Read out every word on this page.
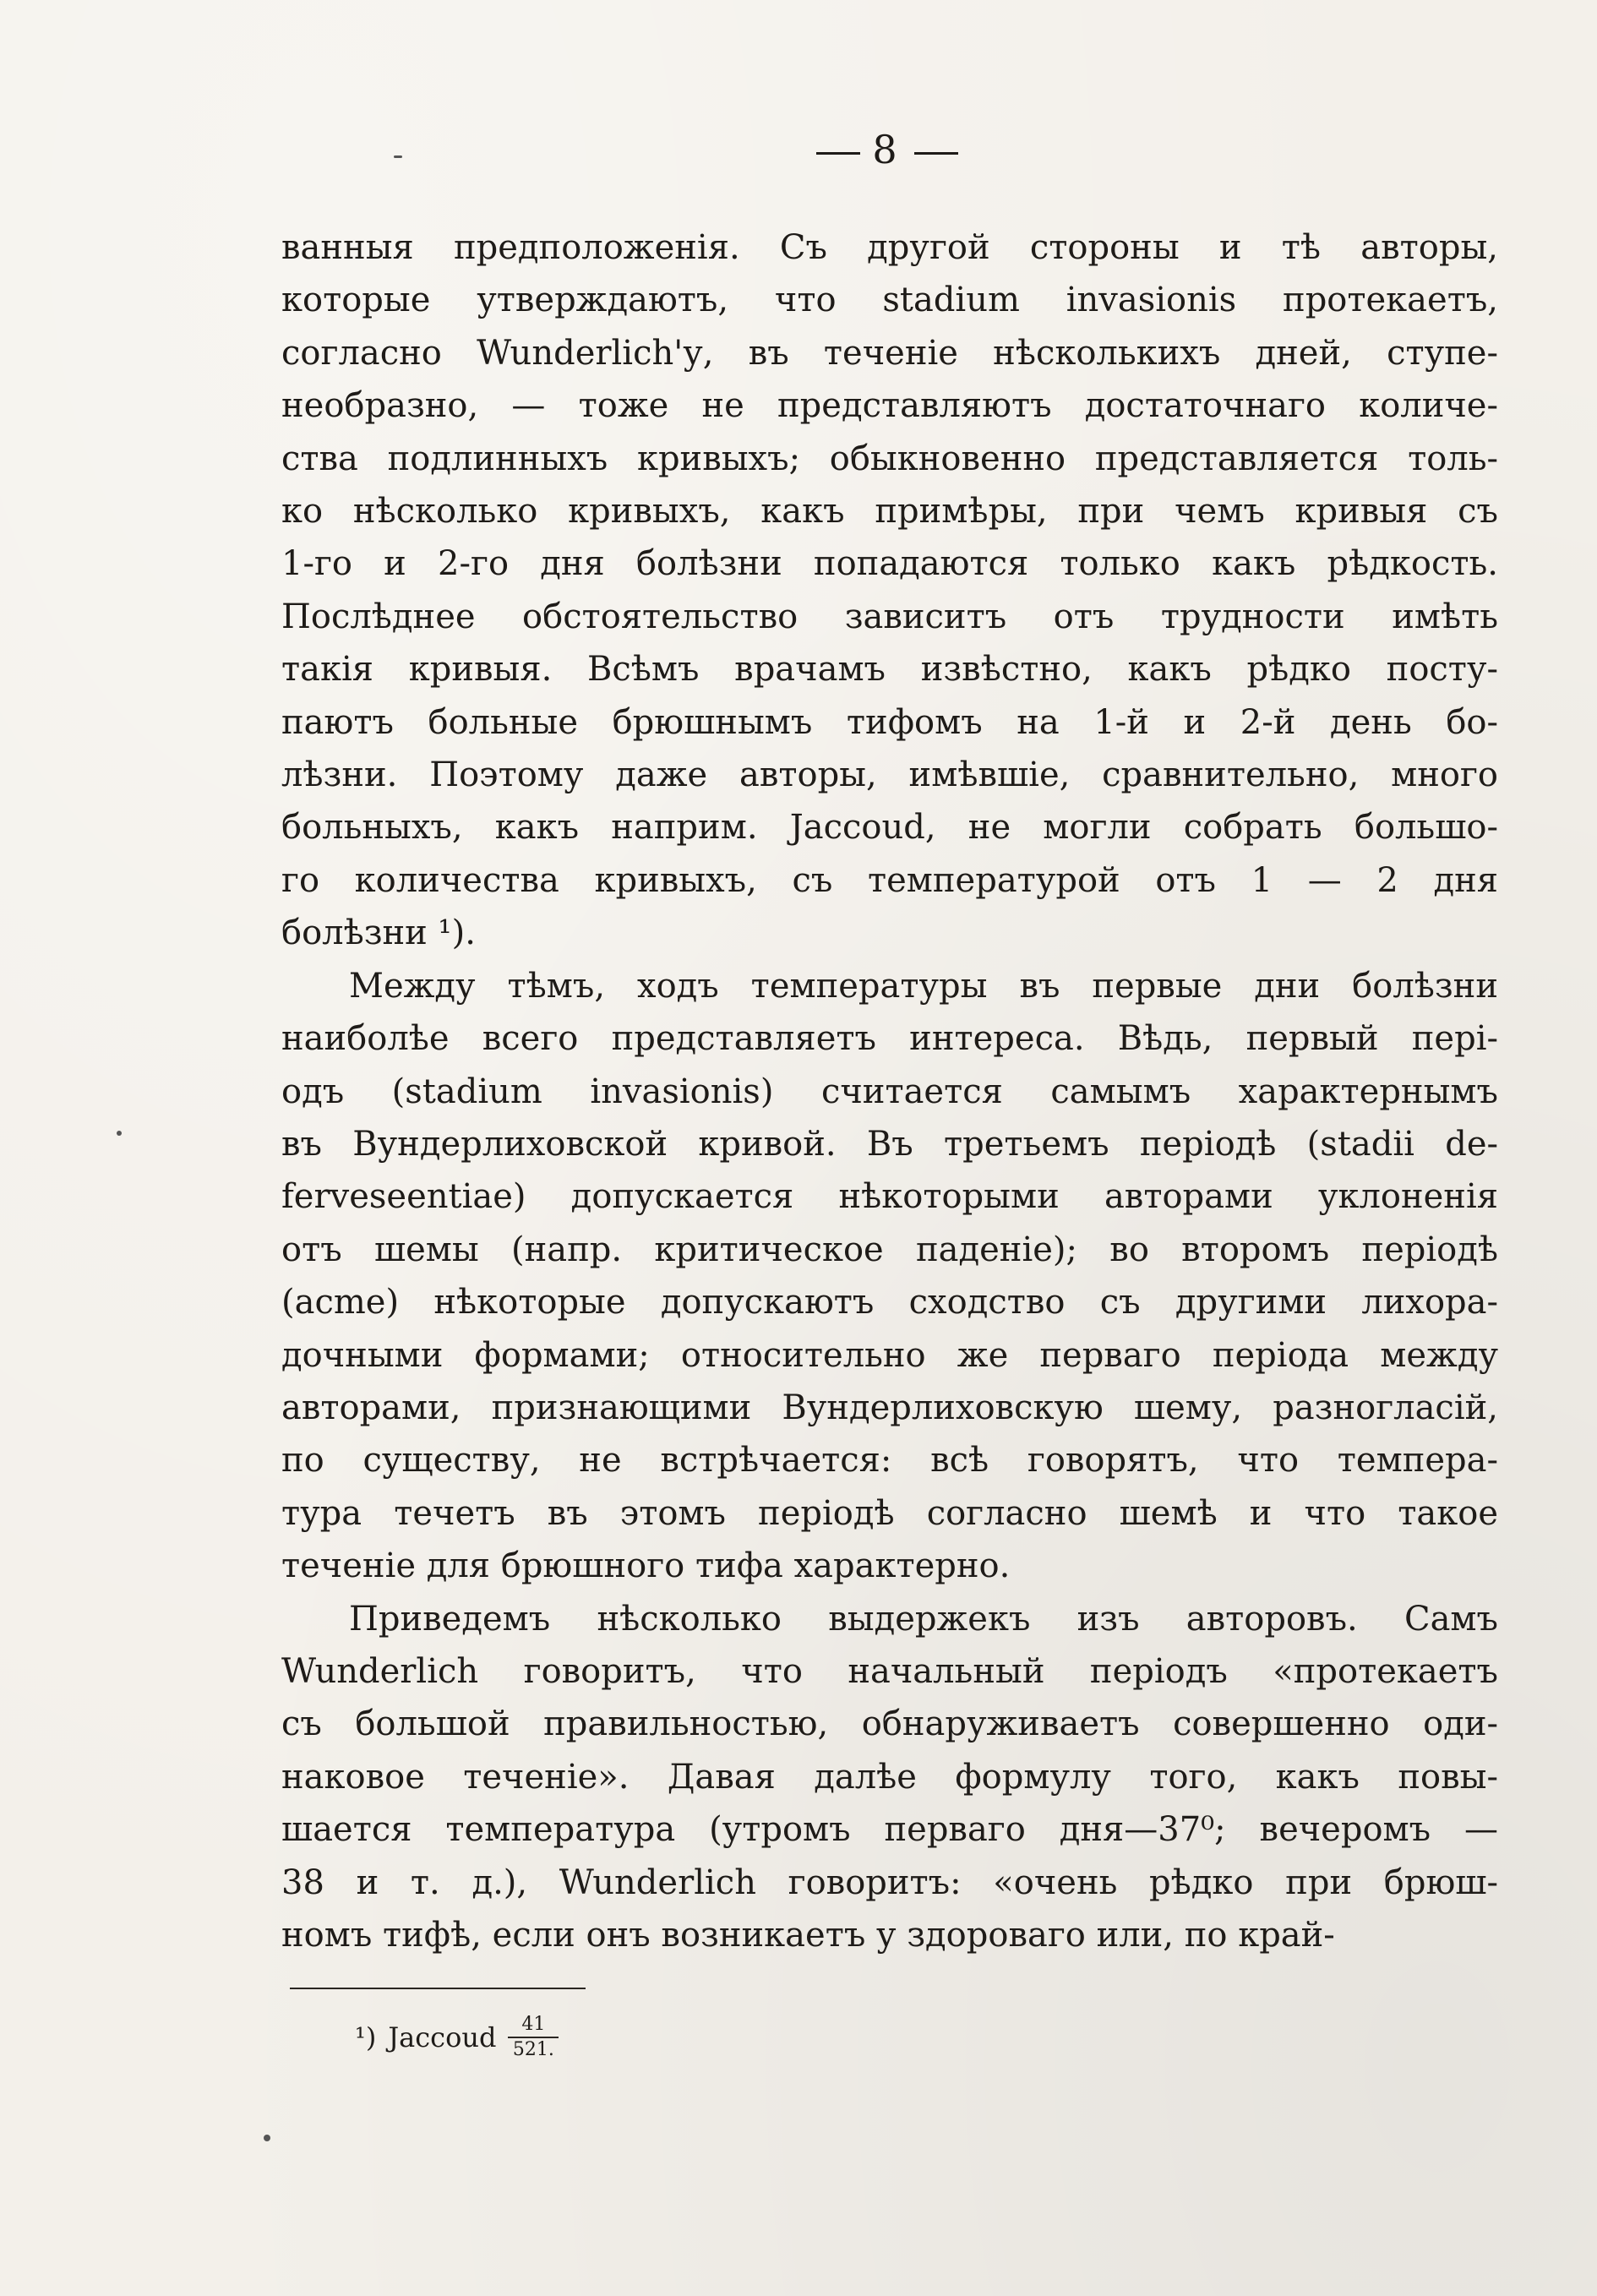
8
ванныя предположенія. Съ другой стороны и тѣ авторы,
которые утверждаютъ, что stadium invasionis протекаетъ,
согласно Wunderlich'у, въ теченіе нѣсколькихъ дней, ступе-
необразно, — тоже не представляютъ достаточнаго количе-
ства подлинныхъ кривыхъ; обыкновенно представляется толь-
ко нѣсколько кривыхъ, какъ примѣры, при чемъ кривыя съ
1-го и 2-го дня болѣзни попадаются только какъ рѣдкость.
Послѣднее обстоятельство зависитъ отъ трудности имѣть
такія кривыя. Всѣмъ врачамъ извѣстно, какъ рѣдко посту-
паютъ больные брюшнымъ тифомъ на 1-й и 2-й день бо-
лѣзни. Поэтому даже авторы, имѣвшіе, сравнительно, много
больныхъ, какъ наприм. Jaccoud, не могли собрать большо-
го количества кривыхъ, съ температурой отъ 1 — 2 дня
болѣзни ¹).
Между тѣмъ, ходъ температуры въ первые дни болѣзни
наиболѣе всего представляетъ интереса. Вѣдь, первый пері-
одъ (stadium invasionis) считается самымъ характернымъ
въ Вундерлиховской кривой. Въ третьемъ періодѣ (stadii de-
ferveseentiae) допускается нѣкоторыми авторами уклоненія
отъ шемы (напр. критическое паденіе); во второмъ періодѣ
(acme) нѣкоторые допускаютъ сходство съ другими лихора-
дочными формами; относительно же перваго періода между
авторами, признающими Вундерлиховскую шему, разногласій,
по существу, не встрѣчается: всѣ говорятъ, что темпера-
тура течетъ въ этомъ періодѣ согласно шемѣ и что такое
теченіе для брюшного тифа характерно.
Приведемъ нѣсколько выдержекъ изъ авторовъ. Самъ
Wunderlich говоритъ, что начальный періодъ «протекаетъ
съ большой правильностью, обнаруживаетъ совершенно оди-
наковое теченіе». Давая далѣе формулу того, какъ повы-
шается температура (утромъ перваго дня—37⁰; вечеромъ —
38 и т. д.), Wunderlich говоритъ: «очень рѣдко при брюш-
номъ тифѣ, если онъ возникаетъ у здороваго или, по край-
¹) Jaccoud $\frac{41}{521.}$
